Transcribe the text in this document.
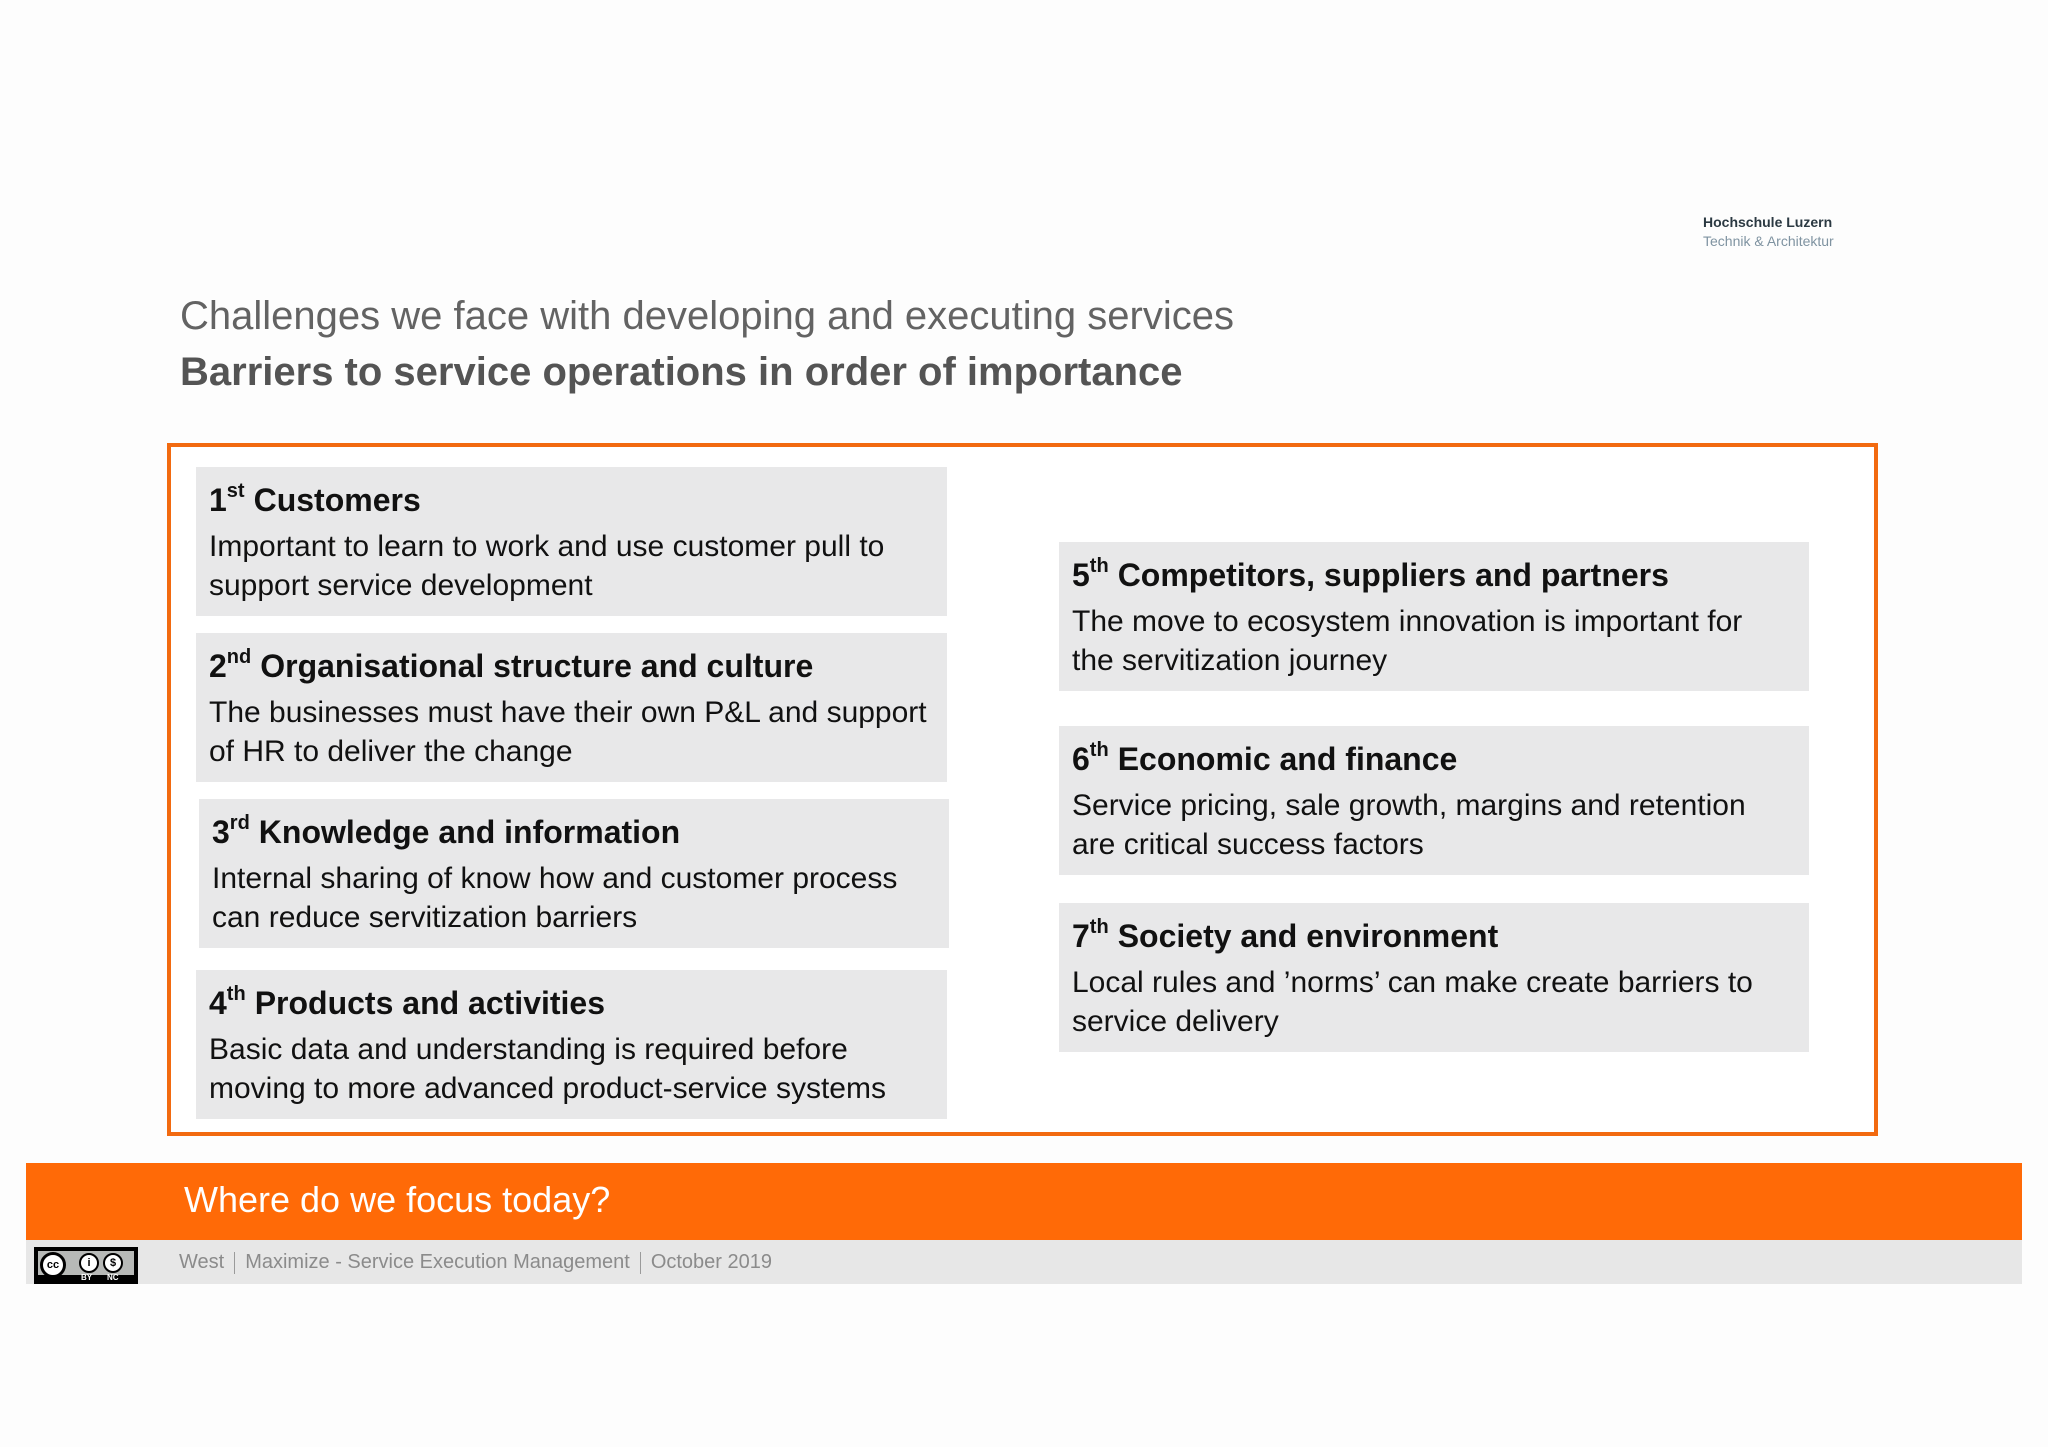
Hochschule Luzern
Technik & Architektur
Challenges we face with developing and executing services
Barriers to service operations in order of importance
1st Customers
Important to learn to work and use customer pull to
support service development
2nd Organisational structure and culture
The businesses must have their own P&L and support
of HR to deliver the change
3rd Knowledge and information
Internal sharing of know how and customer process
can reduce servitization barriers
4th Products and activities
Basic data and understanding is required before
moving to more advanced product-service systems
5th Competitors, suppliers and partners
The move to ecosystem innovation is important for
the servitization journey
6th Economic and finance
Service pricing, sale growth, margins and retention
are critical success factors
7th Society and environment
Local rules and ’norms’ can make create barriers to
service delivery
Where do we focus today?
West Maximize - Service Execution Management October 2019
cc	i	$
BY NC
